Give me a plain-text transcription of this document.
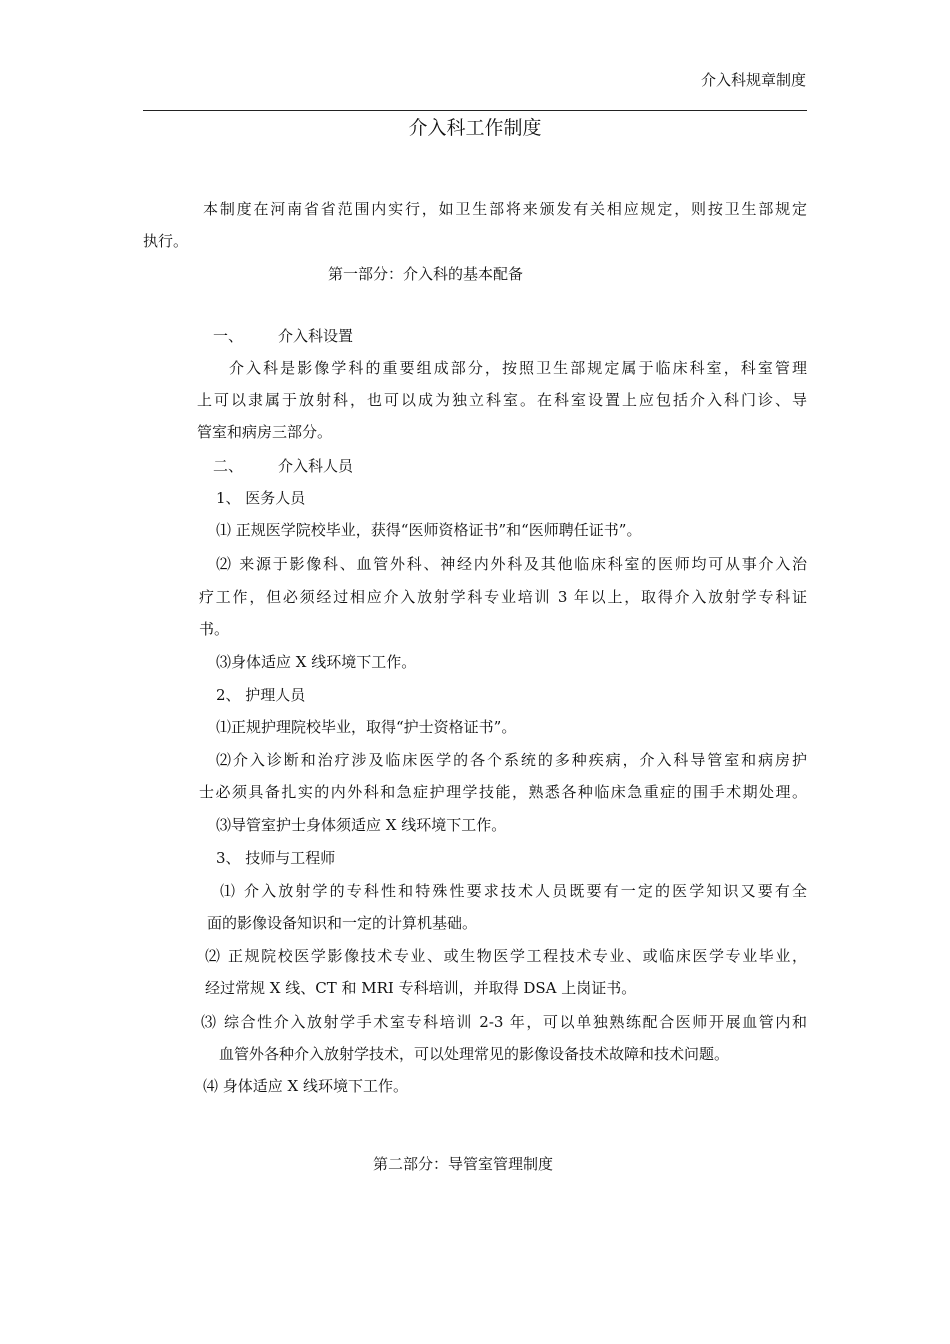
介入科规章制度
介入科工作制度
本制度在河南省省范围内实行，如卫生部将来颁发有关相应规定，则按卫生部规定
执行。
第一部分：介入科的基本配备
一、 介入科设置
介入科是影像学科的重要组成部分，按照卫生部规定属于临床科室，科室管理
上可以隶属于放射科，也可以成为独立科室。在科室设置上应包括介入科门诊、导
管室和病房三部分。
二、 介入科人员
1、 医务人员
⑴ 正规医学院校毕业，获得“医师资格证书”和“医师聘任证书”。
⑵ 来源于影像科、血管外科、神经内外科及其他临床科室的医师均可从事介入治
疗工作，但必须经过相应介入放射学科专业培训 3 年以上，取得介入放射学专科证
书。
⑶身体适应 X 线环境下工作。
2、 护理人员
⑴正规护理院校毕业，取得“护士资格证书”。
⑵介入诊断和治疗涉及临床医学的各个系统的多种疾病，介入科导管室和病房护
士必须具备扎实的内外科和急症护理学技能，熟悉各种临床急重症的围手术期处理。
⑶导管室护士身体须适应 X 线环境下工作。
3、 技师与工程师
⑴ 介入放射学的专科性和特殊性要求技术人员既要有一定的医学知识又要有全
面的影像设备知识和一定的计算机基础。
⑵ 正规院校医学影像技术专业、或生物医学工程技术专业、或临床医学专业毕业，
经过常规 X 线、CT 和 MRI 专科培训，并取得 DSA 上岗证书。
⑶ 综合性介入放射学手术室专科培训 2-3 年，可以单独熟练配合医师开展血管内和
血管外各种介入放射学技术，可以处理常见的影像设备技术故障和技术问题。
⑷ 身体适应 X 线环境下工作。
第二部分：导管室管理制度
